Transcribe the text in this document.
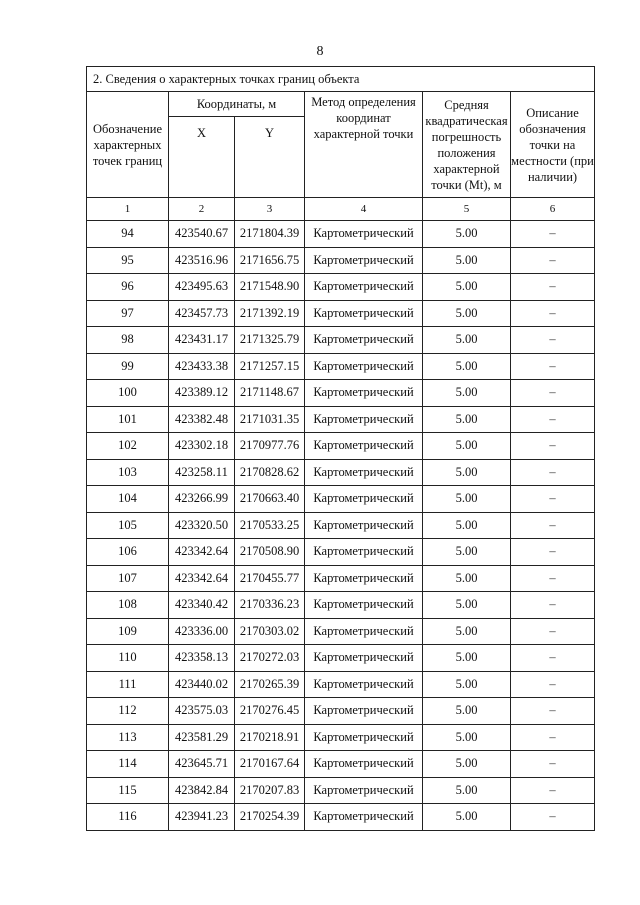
8
2. Сведения о характерных точках границ объекта					
Обозначение характерных точек границ	Координаты, м		Метод определения координат характерной точки	Средняя квадратическая погрешность положения характерной точки (Mt), м	Описание обозначения точки на местности (при наличии)
	X	Y			
1	2	3	4	5	6
94	423540.67	2171804.39	Картометрический	5.00	–
95	423516.96	2171656.75	Картометрический	5.00	–
96	423495.63	2171548.90	Картометрический	5.00	–
97	423457.73	2171392.19	Картометрический	5.00	–
98	423431.17	2171325.79	Картометрический	5.00	–
99	423433.38	2171257.15	Картометрический	5.00	–
100	423389.12	2171148.67	Картометрический	5.00	–
101	423382.48	2171031.35	Картометрический	5.00	–
102	423302.18	2170977.76	Картометрический	5.00	–
103	423258.11	2170828.62	Картометрический	5.00	–
104	423266.99	2170663.40	Картометрический	5.00	–
105	423320.50	2170533.25	Картометрический	5.00	–
106	423342.64	2170508.90	Картометрический	5.00	–
107	423342.64	2170455.77	Картометрический	5.00	–
108	423340.42	2170336.23	Картометрический	5.00	–
109	423336.00	2170303.02	Картометрический	5.00	–
110	423358.13	2170272.03	Картометрический	5.00	–
111	423440.02	2170265.39	Картометрический	5.00	–
112	423575.03	2170276.45	Картометрический	5.00	–
113	423581.29	2170218.91	Картометрический	5.00	–
114	423645.71	2170167.64	Картометрический	5.00	–
115	423842.84	2170207.83	Картометрический	5.00	–
116	423941.23	2170254.39	Картометрический	5.00	–
